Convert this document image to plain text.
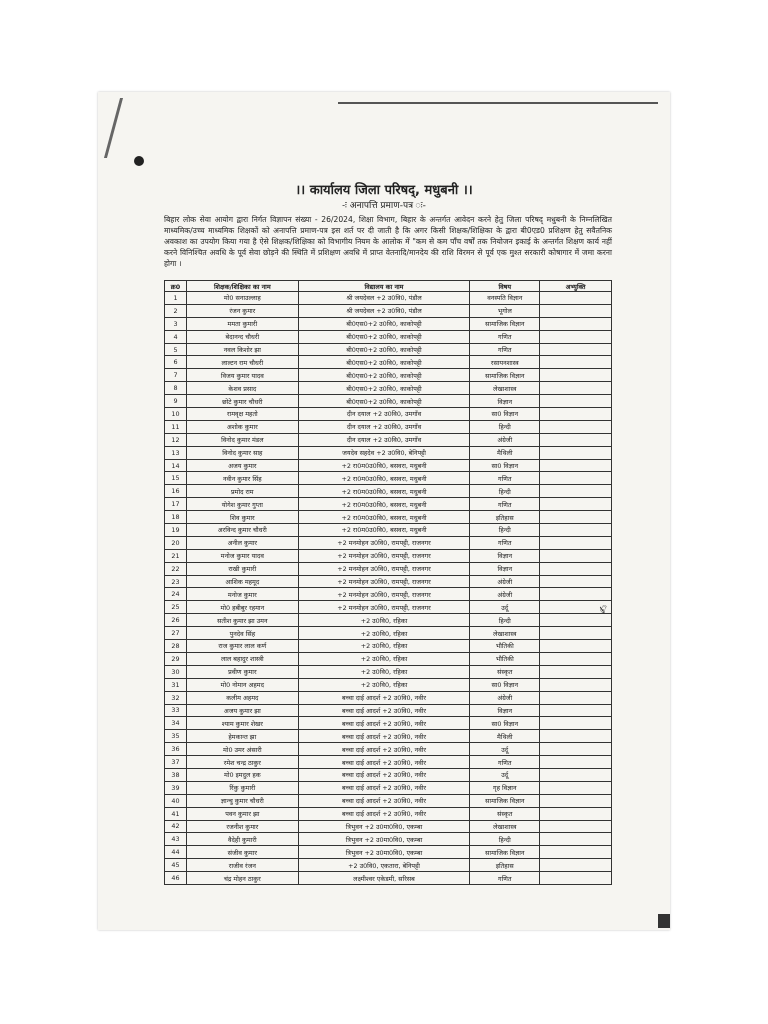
।। कार्यालय जिला परिषद्, मधुबनी ।।
-ः अनापत्ति प्रमाण-पत्र ः-
बिहार लोक सेवा आयोग द्वारा निर्गत विज्ञापन संख्या - 26/2024, शिक्षा विभाग, बिहार के अन्तर्गत आवेदन करने हेतु जिला परिषद् मधुबनी के निम्नलिखित माध्यमिक/उच्च माध्यमिक शिक्षकों को अनापत्ति प्रमाण-पत्र इस शर्त पर दी जाती है कि अगर किसी शिक्षक/शिक्षिका के द्वारा बी0एड0 प्रशिक्षण हेतु सवैतनिक अवकाश का उपयोग किया गया है ऐसे शिक्षक/शिक्षिका को विभागीय नियम के आलोक में "कम से कम पाँच वर्षों तक नियोजन इकाई के अन्तर्गत शिक्षण कार्य नहीं करने विनिश्चित अवधि के पूर्व सेवा छोड़ने की स्थिति में प्रशिक्षण अवधि में प्राप्त वेतनादि/मानदेय की राशि विरमन से पूर्व एक मुश्त सरकारी कोषागार में जमा करना होगा ।
क्र0	शिक्षक/शिक्षिका का नाम	विद्यालय का नाम	विषय	अभ्युक्ति
1	मो0 सनाउल्लाह	श्री जयदेवल +2 उ0वि0, पंडौल	वनस्पति विज्ञान	
2	रंजन कुमार	श्री जयदेवल +2 उ0वि0, पंडौल	भूगोल	
3	ममता कुमारी	बी0एस0+2 उ0वि0, काकोपट्टी	सामाजिक विज्ञान	
4	बेदानन्द चौधरी	बी0एस0+2 उ0वि0, काकोपट्टी	गणित	
5	नवल किशोर झा	बी0एस0+2 उ0वि0, काकोपट्टी	गणित	
6	लाल्टन राम चौधरी	बी0एस0+2 उ0वि0, काकोपट्टी	रसायनशास्त्र	
7	विजय कुमार यादव	बी0एस0+2 उ0वि0, काकोपट्टी	सामाजिक विज्ञान	
8	केशव प्रसाद	बी0एस0+2 उ0वि0, काकोपट्टी	लेखाशास्त्र	
9	छोटे कुमार चौधरी	बी0एस0+2 उ0वि0, काकोपट्टी	विज्ञान	
10	रामवृक्ष महतो	दीन दयाल +2 उ0वि0, उमगाँव	सा0 विज्ञान	
11	अशोक कुमार	दीन दयाल +2 उ0वि0, उमगाँव	हिन्दी	
12	विनोद कुमार मंडल	दीन दयाल +2 उ0वि0, उमगाँव	अंग्रेजी	
13	विनोद कुमार साह	जयदेव सहदेव +2 उ0वि0, बेनिपट्टी	मैथिली	
14	अजय कुमार	+2 रा0म0उ0वि0, बसवरा, मधुबनी	सा0 विज्ञान	
15	नवीन कुमार सिंह	+2 रा0म0उ0वि0, बसवरा, मधुबनी	गणित	
16	प्रमोद राम	+2 रा0म0उ0वि0, बसवरा, मधुबनी	हिन्दी	
17	योगेश कुमार गुप्ता	+2 रा0म0उ0वि0, बसवरा, मधुबनी	गणित	
18	शिव कुमार	+2 रा0म0उ0वि0, बसवरा, मधुबनी	इतिहास	
19	अरविन्द कुमार चौधरी	+2 रा0म0उ0वि0, बसवरा, मधुबनी	हिन्दी	
20	अनील कुमार	+2 मनमोहन उ0वि0, रामपट्टी, राजनगर	गणित	
21	मनोज कुमार यादव	+2 मनमोहन उ0वि0, रामपट्टी, राजनगर	विज्ञान	
22	राखी कुमारी	+2 मनमोहन उ0वि0, रामपट्टी, राजनगर	विज्ञान	
23	आशिक महमूद	+2 मनमोहन उ0वि0, रामपट्टी, राजनगर	अंग्रेजी	
24	मनोज कुमार	+2 मनमोहन उ0वि0, रामपट्टी, राजनगर	अंग्रेजी	
25	मो0 हबीबुर रहमान	+2 मनमोहन उ0वि0, रामपट्टी, राजनगर	उर्दू	
26	सतीश कुमार झा उमन	+2 उ0वि0, रहिका	हिन्दी	
27	पुनदेव सिंह	+2 उ0वि0, रहिका	लेखाशास्त्र	
28	राज कुमार लाल कर्ण	+2 उ0वि0, रहिका	भौतिकी	
29	लाल बहादुर शास्त्री	+2 उ0वि0, रहिका	भौतिकी	
30	प्रवीण कुमार	+2 उ0वि0, रहिका	संस्कृत	
31	मो0 नोमान अहमद	+2 उ0वि0, रहिका	सा0 विज्ञान	
32	कलीम अहमद	बच्चा दाई आदर्श +2 उ0वि0, नवीर	अंग्रेजी	
33	अजय कुमार झा	बच्चा दाई आदर्श +2 उ0वि0, नवीर	विज्ञान	
34	श्याम कुमार शेखर	बच्चा दाई आदर्श +2 उ0वि0, नवीर	सा0 विज्ञान	
35	हेमकान्त झा	बच्चा दाई आदर्श +2 उ0वि0, नवीर	मैथिली	
36	मो0 उमर अंसारी	बच्चा दाई आदर्श +2 उ0वि0, नवीर	उर्दू	
37	रमेश चन्द्र ठाकुर	बच्चा दाई आदर्श +2 उ0वि0, नवीर	गणित	
38	मो0 इमदुल हक	बच्चा दाई आदर्श +2 उ0वि0, नवीर	उर्दू	
39	रिंकु कुमारी	बच्चा दाई आदर्श +2 उ0वि0, नवीर	गृह विज्ञान	
40	ज्ञान्चु कुमार चौधरी	बच्चा दाई आदर्श +2 उ0वि0, नवीर	सामाजिक विज्ञान	
41	पवन कुमार झा	बच्चा दाई आदर्श +2 उ0वि0, नवीर	संस्कृत	
42	रजनीश कुमार	त्रिभुवन +2 उ0मा0वि0, एकम्बा	लेखाशास्त्र	
43	वैदेही कुमारी	त्रिभुवन +2 उ0मा0वि0, एकम्बा	हिन्दी	
44	संजीव कुमार	त्रिभुवन +2 उ0मा0वि0, एकम्बा	सामाजिक विज्ञान	
45	राजीव रंजन	+2 उ0वि0, एकतारा, बेनिपट्टी	इतिहास	
46	चंद्र मोहन ठाकुर	लक्ष्मीश्वर एकेडमी, सरिसब	गणित	
✍
